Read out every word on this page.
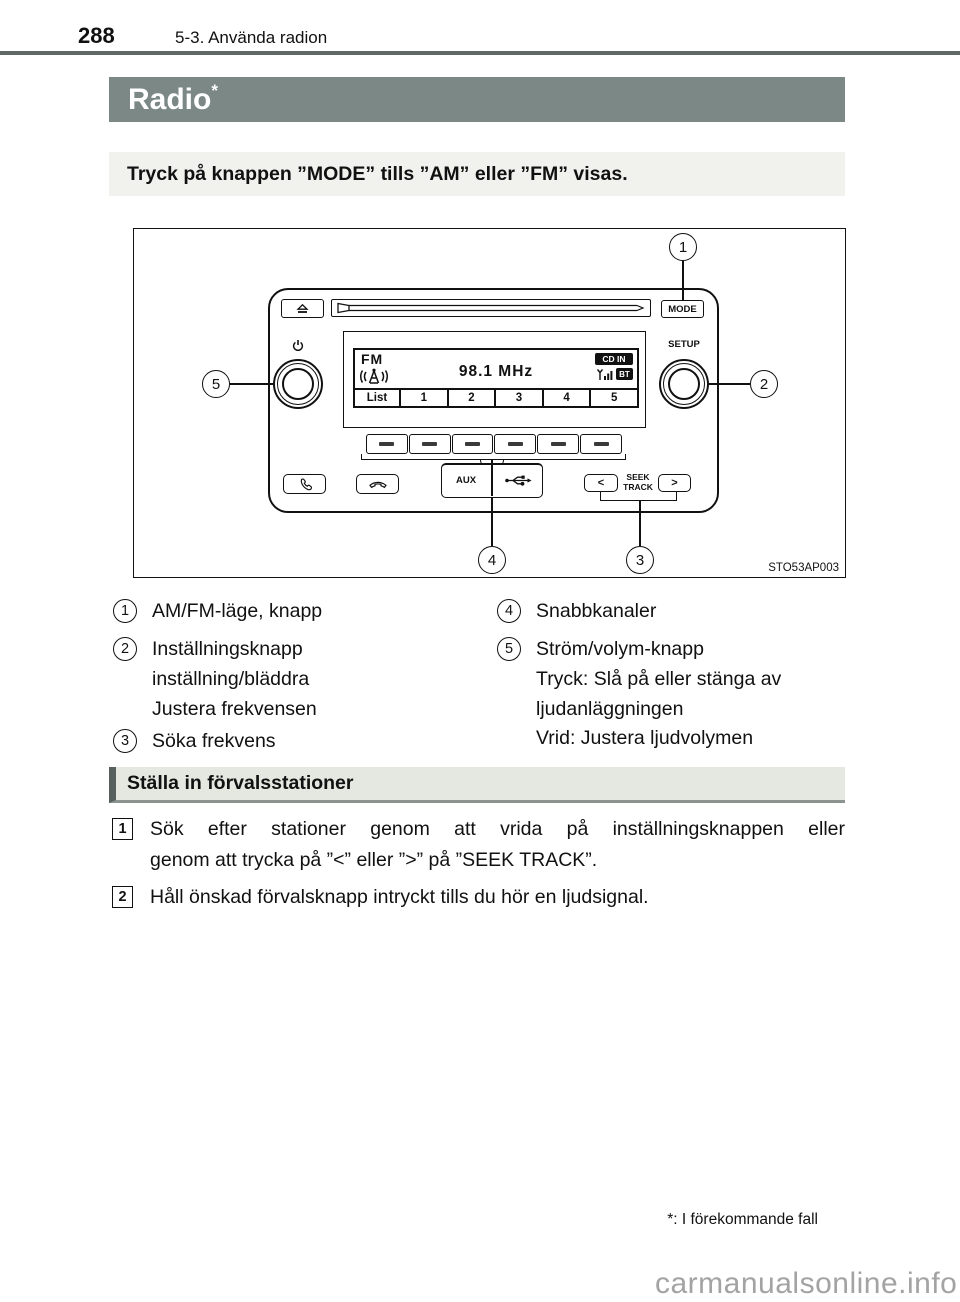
288	5-3. Använda radion
Radio *
Tryck på knappen ”MODE” tills ”AM” eller ”FM” visas.
MODE
1
5
SETUP
2
FM
98.1 MHz
CD IN
BT
List	1	2	3	4	5
4
AUX	<	SEEK
TRACK	>
3	STO53AP003
1	AM/FM-läge, knapp
2	Inställningsknapp
inställning/bläddra
Justera frekvensen
3	Söka frekvens
4	Snabbkanaler
5	Ström/volym-knapp
Tryck: Slå på eller stänga av
ljudanläggningen
Vrid: Justera ljudvolymen
Ställa in förvalsstationer
1	Sök efter stationer genom att vrida på inställningsknappen eller
genom att trycka på ”<” eller ”>” på ”SEEK TRACK”.
2	Håll önskad förvalsknapp intryckt tills du hör en ljudsignal.
*: I förekommande fall
carmanualsonline.info
